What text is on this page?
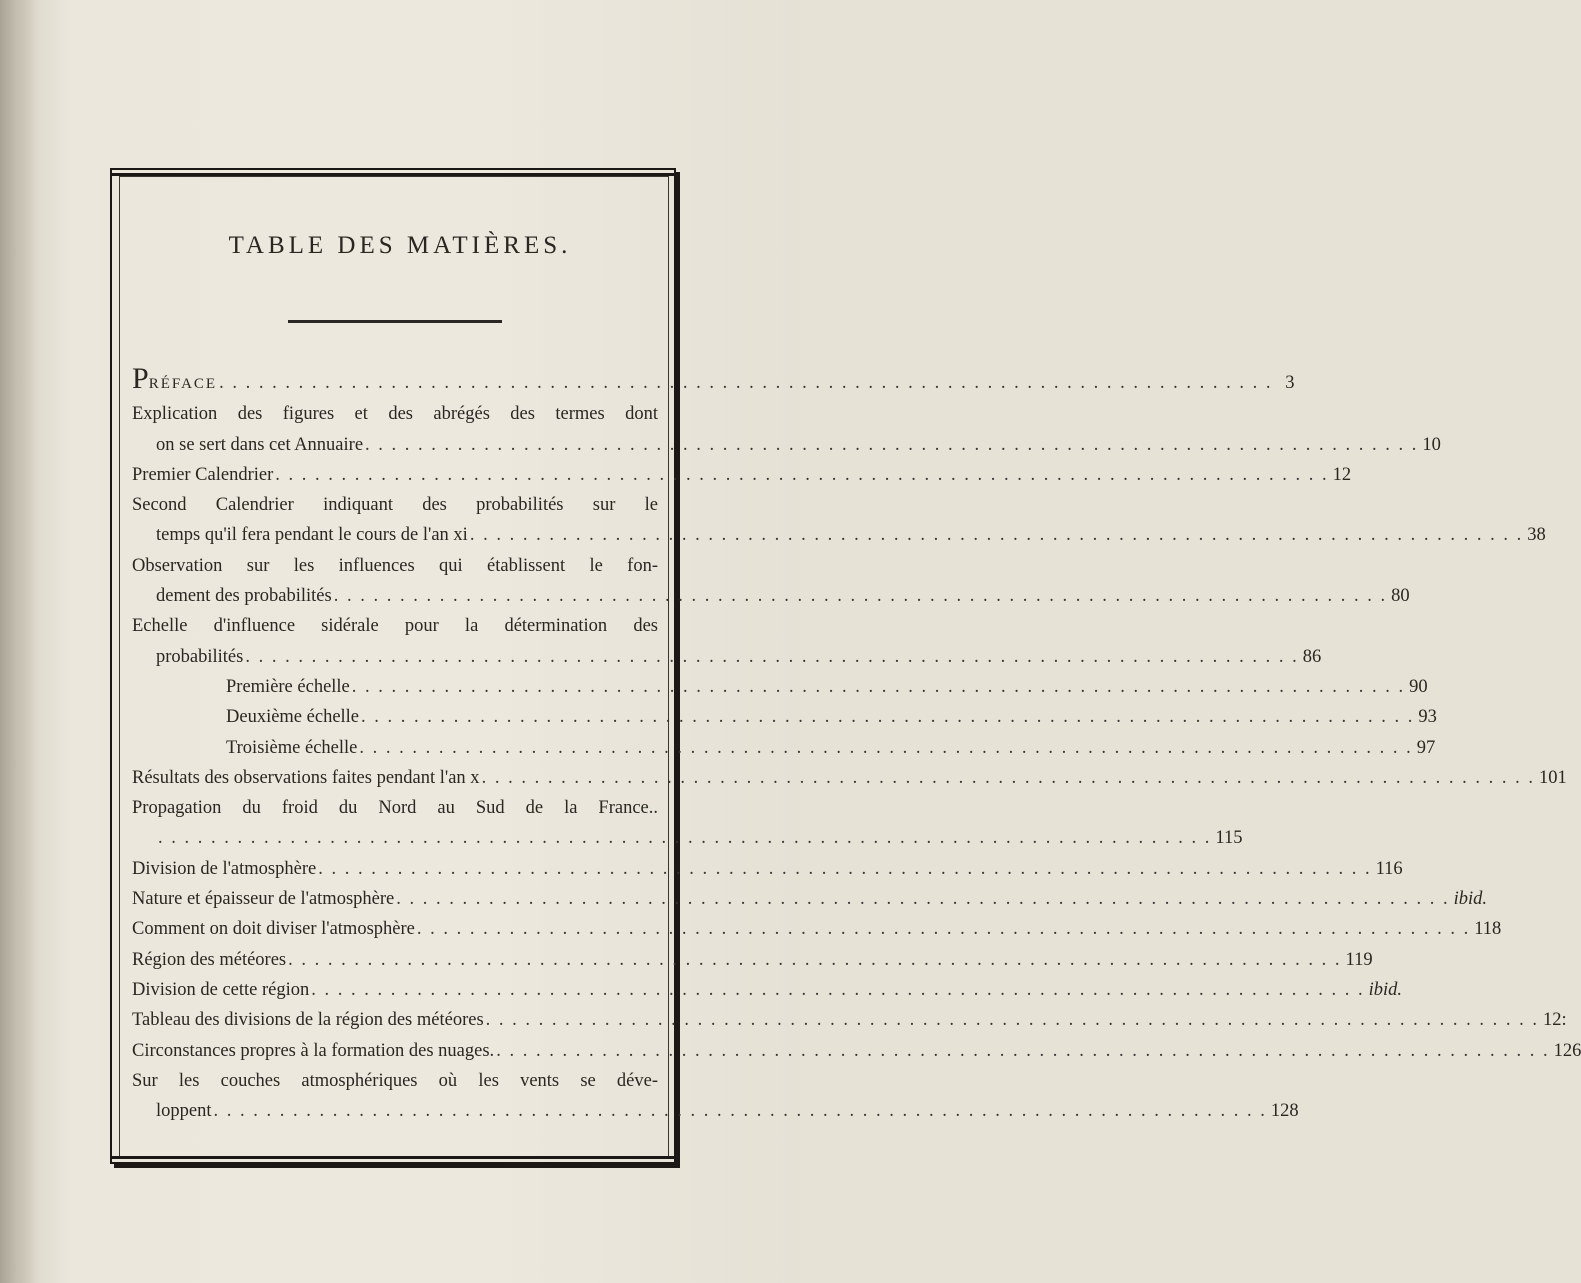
TABLE DES MATIÈRES.
PRÉFACE . . . . . . . . . . . . . . . . . . . . . . . . . . . . . . . . . . . . . . . . . . . . . . . . . . . . . . . . . . . . . . . . . . . . . . . . . . . . . . . . 3
Explication des figures et des abrégés des termes dont
on se sert dans cet Annuaire . . . . . . . . . . . . . . . . . . . . . . . . . . . . . . . . . . . . . . . . . . . . . . . . . . . . . . . . . . . . . . . . . . . . . . . . . . . . . . . . 10
Premier Calendrier . . . . . . . . . . . . . . . . . . . . . . . . . . . . . . . . . . . . . . . . . . . . . . . . . . . . . . . . . . . . . . . . . . . . . . . . . . . . . . . . 12
Second Calendrier indiquant des probabilités sur le
temps qu'il fera pendant le cours de l'an xi . . . . . . . . . . . . . . . . . . . . . . . . . . . . . . . . . . . . . . . . . . . . . . . . . . . . . . . . . . . . . . . . . . . . . . . . . . . . . . . . 38
Observation sur les influences qui établissent le fon-
dement des probabilités . . . . . . . . . . . . . . . . . . . . . . . . . . . . . . . . . . . . . . . . . . . . . . . . . . . . . . . . . . . . . . . . . . . . . . . . . . . . . . . . 80
Echelle d'influence sidérale pour la détermination des
probabilités . . . . . . . . . . . . . . . . . . . . . . . . . . . . . . . . . . . . . . . . . . . . . . . . . . . . . . . . . . . . . . . . . . . . . . . . . . . . . . . . 86
Première échelle . . . . . . . . . . . . . . . . . . . . . . . . . . . . . . . . . . . . . . . . . . . . . . . . . . . . . . . . . . . . . . . . . . . . . . . . . . . . . . . . 90
Deuxième échelle . . . . . . . . . . . . . . . . . . . . . . . . . . . . . . . . . . . . . . . . . . . . . . . . . . . . . . . . . . . . . . . . . . . . . . . . . . . . . . . . 93
Troisième échelle . . . . . . . . . . . . . . . . . . . . . . . . . . . . . . . . . . . . . . . . . . . . . . . . . . . . . . . . . . . . . . . . . . . . . . . . . . . . . . . . 97
Résultats des observations faites pendant l'an x . . . . . . . . . . . . . . . . . . . . . . . . . . . . . . . . . . . . . . . . . . . . . . . . . . . . . . . . . . . . . . . . . . . . . . . . . . . . . . . . 101
Propagation du froid du Nord au Sud de la France..
. . . . . . . . . . . . . . . . . . . . . . . . . . . . . . . . . . . . . . . . . . . . . . . . . . . . . . . . . . . . . . . . . . . . . . . . . . . . . . . . 115
Division de l'atmosphère . . . . . . . . . . . . . . . . . . . . . . . . . . . . . . . . . . . . . . . . . . . . . . . . . . . . . . . . . . . . . . . . . . . . . . . . . . . . . . . . 116
Nature et épaisseur de l'atmosphère . . . . . . . . . . . . . . . . . . . . . . . . . . . . . . . . . . . . . . . . . . . . . . . . . . . . . . . . . . . . . . . . . . . . . . . . . . . . . . . . ibid.
Comment on doit diviser l'atmosphère . . . . . . . . . . . . . . . . . . . . . . . . . . . . . . . . . . . . . . . . . . . . . . . . . . . . . . . . . . . . . . . . . . . . . . . . . . . . . . . . 118
Région des météores . . . . . . . . . . . . . . . . . . . . . . . . . . . . . . . . . . . . . . . . . . . . . . . . . . . . . . . . . . . . . . . . . . . . . . . . . . . . . . . . 119
Division de cette région . . . . . . . . . . . . . . . . . . . . . . . . . . . . . . . . . . . . . . . . . . . . . . . . . . . . . . . . . . . . . . . . . . . . . . . . . . . . . . . . ibid.
Tableau des divisions de la région des météores . . . . . . . . . . . . . . . . . . . . . . . . . . . . . . . . . . . . . . . . . . . . . . . . . . . . . . . . . . . . . . . . . . . . . . . . . . . . . . . . 12:
Circonstances propres à la formation des nuages. . . . . . . . . . . . . . . . . . . . . . . . . . . . . . . . . . . . . . . . . . . . . . . . . . . . . . . . . . . . . . . . . . . . . . . . . . . . . . . . . 126
Sur les couches atmosphériques où les vents se déve-
loppent . . . . . . . . . . . . . . . . . . . . . . . . . . . . . . . . . . . . . . . . . . . . . . . . . . . . . . . . . . . . . . . . . . . . . . . . . . . . . . . . 128
